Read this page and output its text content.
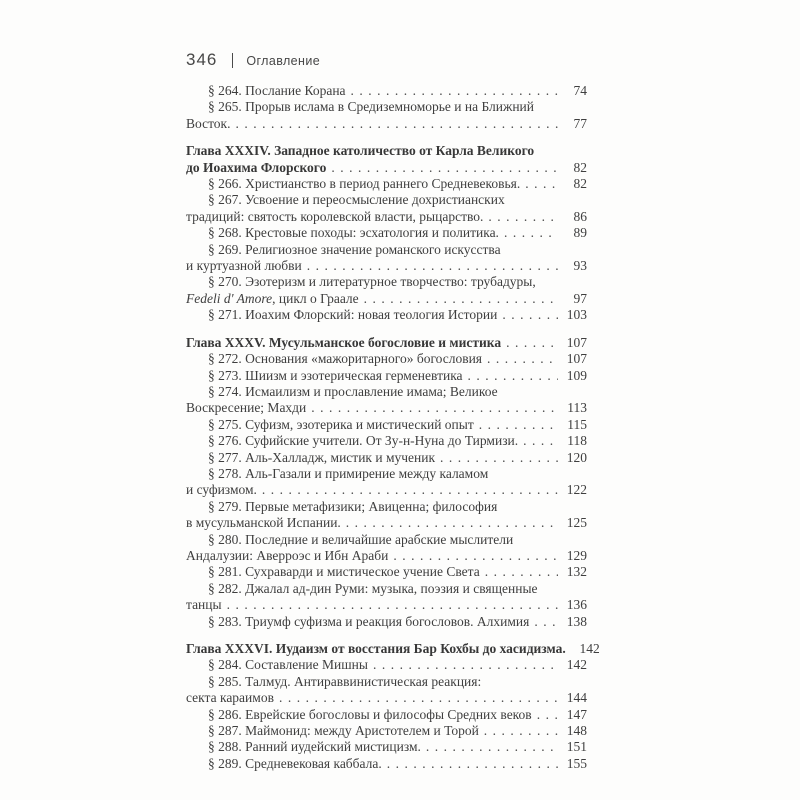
346 Оглавление
§ 264. Послание Корана .....	74
§ 265. Прорыв ислама в Средиземноморье и на Ближний
Восток. .....	77
Глава XXXIV. Западное католичество от Карла Великого
до Иоахима Флорского .....	82
§ 266. Христианство в период раннего Средневековья. .....	82
§ 267. Усвоение и переосмысление дохристианских
традиций: святость королевской власти, рыцарство. .....	86
§ 268. Крестовые походы: эсхатология и политика. .....	89
§ 269. Религиозное значение романского искусства
и куртуазной любви .....	93
§ 270. Эзотеризм и литературное творчество: трубадуры,
Fedeli d' Amore, цикл о Граале .....	97
§ 271. Иоахим Флорский: новая теология Истории .....	103
Глава XXXV. Мусульманское богословие и мистика .....	107
§ 272. Основания «мажоритарного» богословия .....	107
§ 273. Шиизм и эзотерическая герменевтика .....	109
§ 274. Исмаилизм и прославление имама; Великое
Воскресение; Махди .....	113
§ 275. Суфизм, эзотерика и мистический опыт .....	115
§ 276. Суфийские учители. От Зу-н-Нуна до Тирмизи. .....	118
§ 277. Аль-Халладж, мистик и мученик .....	120
§ 278. Аль-Газали и примирение между каламом
и суфизмом. .....	122
§ 279. Первые метафизики; Авиценна; философия
в мусульманской Испании. .....	125
§ 280. Последние и величайшие арабские мыслители
Андалузии: Аверроэс и Ибн Араби .....	129
§ 281. Сухраварди и мистическое учение Света .....	132
§ 282. Джалал ад-дин Руми: музыка, поэзия и священные
танцы .....	136
§ 283. Триумф суфизма и реакция богословов. Алхимия .....	138
Глава XXXVI. Иудаизм от восстания Бар Кохбы до хасидизма.	142
§ 284. Составление Мишны .....	142
§ 285. Талмуд. Антираввинистическая реакция:
секта караимов .....	144
§ 286. Еврейские богословы и философы Средних веков .....	147
§ 287. Маймонид: между Аристотелем и Торой .....	148
§ 288. Ранний иудейский мистицизм. .....	151
§ 289. Средневековая каббала. .....	155
